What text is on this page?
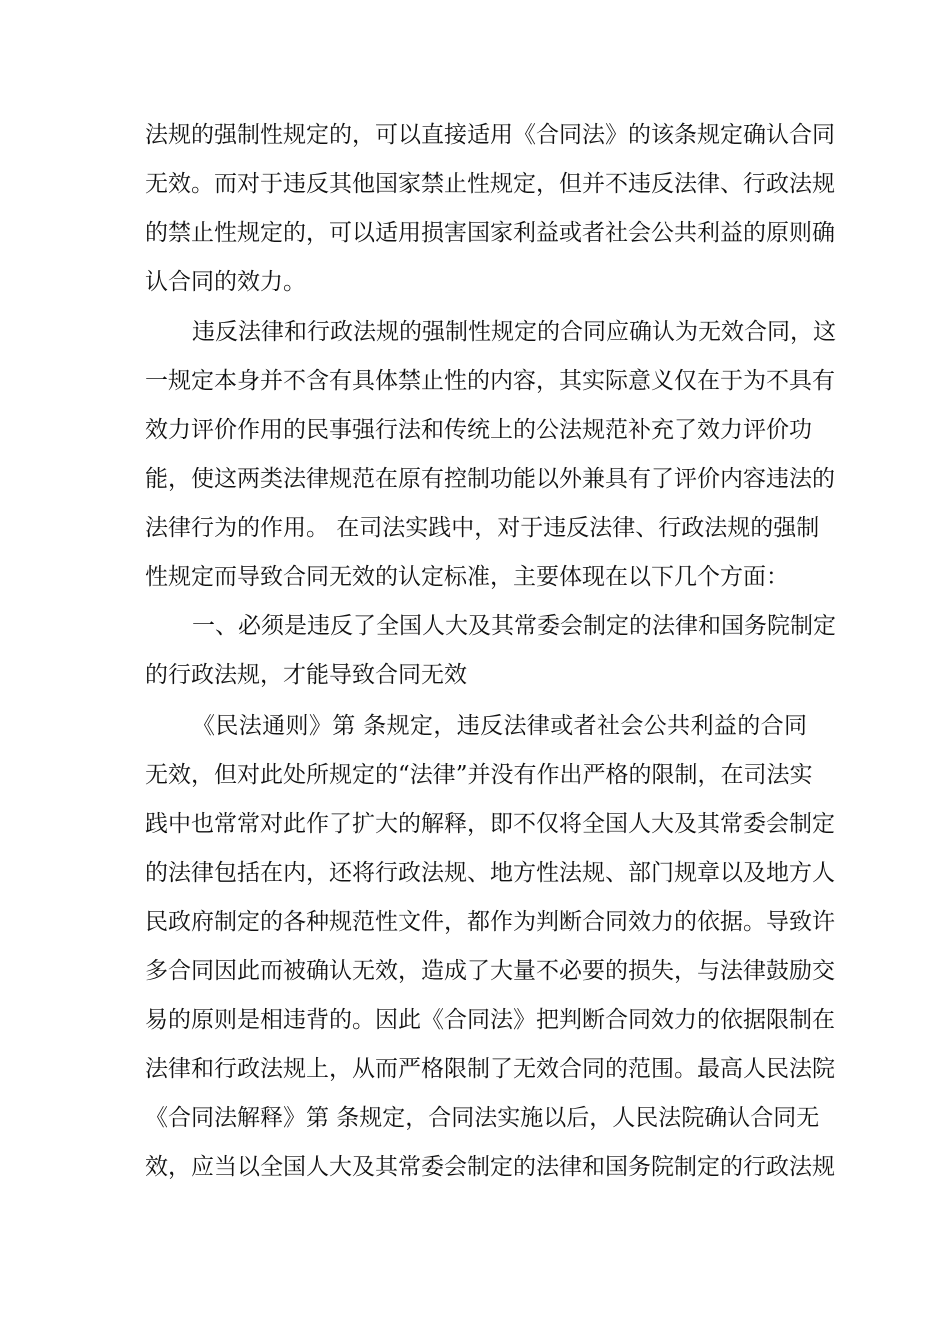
法规的强制性规定的，可以直接适用《合同法》的该条规定确认合同
无效。而对于违反其他国家禁止性规定，但并不违反法律、行政法规
的禁止性规定的，可以适用损害国家利益或者社会公共利益的原则确
认合同的效力。
违反法律和行政法规的强制性规定的合同应确认为无效合同，这
一规定本身并不含有具体禁止性的内容，其实际意义仅在于为不具有
效力评价作用的民事强行法和传统上的公法规范补充了效力评价功
能，使这两类法律规范在原有控制功能以外兼具有了评价内容违法的
法律行为的作用。 在司法实践中，对于违反法律、行政法规的强制
性规定而导致合同无效的认定标准，主要体现在以下几个方面：
一、必须是违反了全国人大及其常委会制定的法律和国务院制定
的行政法规，才能导致合同无效
《民法通则》第 条规定，违反法律或者社会公共利益的合同
无效，但对此处所规定的“法律”并没有作出严格的限制，在司法实
践中也常常对此作了扩大的解释，即不仅将全国人大及其常委会制定
的法律包括在内，还将行政法规、地方性法规、部门规章以及地方人
民政府制定的各种规范性文件，都作为判断合同效力的依据。导致许
多合同因此而被确认无效，造成了大量不必要的损失，与法律鼓励交
易的原则是相违背的。因此《合同法》把判断合同效力的依据限制在
法律和行政法规上，从而严格限制了无效合同的范围。最高人民法院
《合同法解释》第 条规定，合同法实施以后，人民法院确认合同无
效，应当以全国人大及其常委会制定的法律和国务院制定的行政法规
